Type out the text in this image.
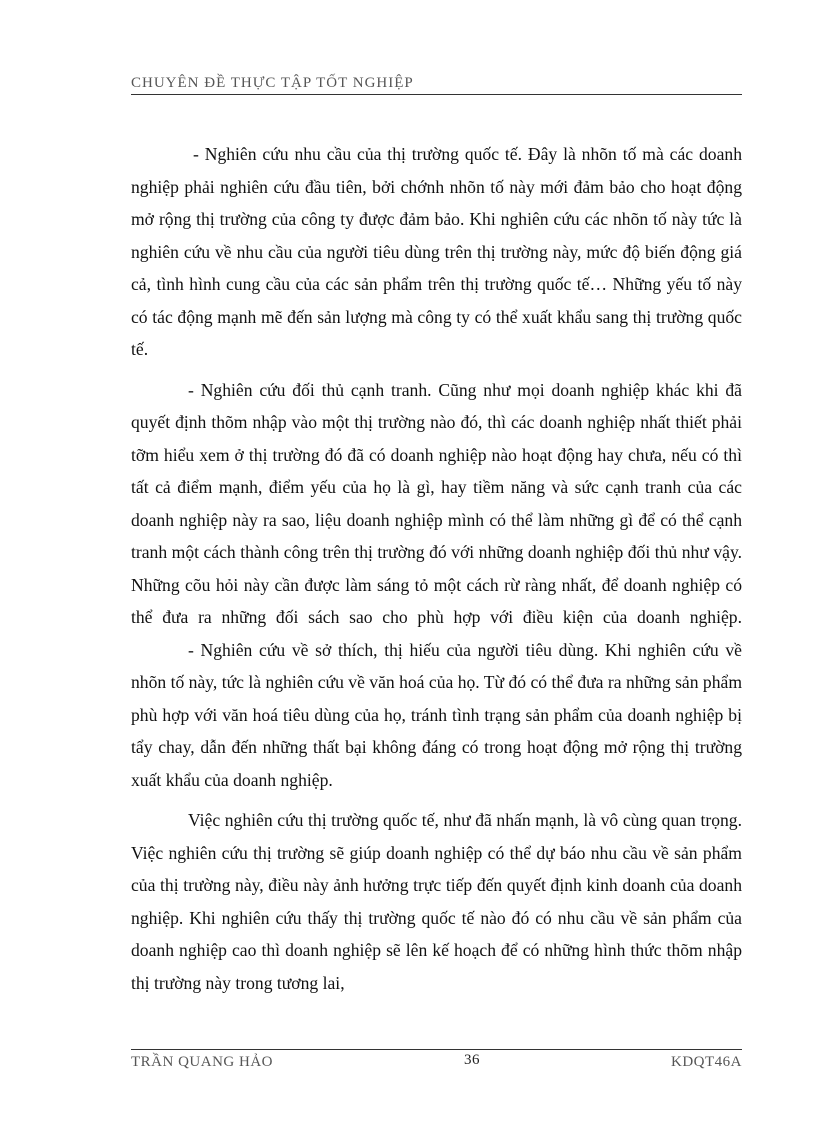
CHUYÊN ĐỀ THỰC TẬP TỐT NGHIỆP

- Nghiên cứu nhu cầu của thị trường quốc tế. Đây là nhõn tố mà các doanh nghiệp phải nghiên cứu đầu tiên, bởi chớnh nhõn tố này mới đảm bảo cho hoạt động mở rộng thị trường của công ty được đảm bảo. Khi nghiên cứu các nhõn tố này tức là nghiên cứu về nhu cầu của người tiêu dùng trên thị trường này, mức độ biến động giá cả, tình hình cung cầu của các sản phẩm trên thị trường quốc tế… Những yếu tố này có tác động mạnh mẽ đến sản lượng mà công ty có thể xuất khẩu sang thị trường quốc tế.

- Nghiên cứu đối thủ cạnh tranh. Cũng như mọi doanh nghiệp khác khi đã quyết định thõm nhập vào một thị trường nào đó, thì các doanh nghiệp nhất thiết phải tỡm hiểu xem ở thị trường đó đã có doanh nghiệp nào hoạt động hay chưa, nếu có thì tất cả điểm mạnh, điểm yếu của họ là gì, hay tiềm năng và sức cạnh tranh của các doanh nghiệp này ra sao, liệu doanh nghiệp mình có thể làm những gì để có thể cạnh tranh một cách thành công trên thị trường đó với những doanh nghiệp đối thủ như vậy. Những cõu hỏi này cần được làm sáng tỏ một cách rừ ràng nhất, để doanh nghiệp có thể đưa ra những đối sách sao cho phù hợp với điều kiện của doanh nghiệp.

- Nghiên cứu về sở thích, thị hiếu của người tiêu dùng. Khi nghiên cứu về nhõn tố này, tức là nghiên cứu về văn hoá của họ. Từ đó có thể đưa ra những sản phẩm phù hợp với văn hoá tiêu dùng của họ, tránh tình trạng sản phẩm của doanh nghiệp bị tẩy chay, dẫn đến những thất bại không đáng có trong hoạt động mở rộng thị trường xuất khẩu của doanh nghiệp.

Việc nghiên cứu thị trường quốc tế, như đã nhấn mạnh, là vô cùng quan trọng. Việc nghiên cứu thị trường sẽ giúp doanh nghiệp có thể dự báo nhu cầu về sản phẩm của thị trường này, điều này ảnh hưởng trực tiếp đến quyết định kinh doanh của doanh nghiệp. Khi nghiên cứu thấy thị trường quốc tế nào đó có nhu cầu về sản phẩm của doanh nghiệp cao thì doanh nghiệp sẽ lên kế hoạch để có những hình thức thõm nhập thị trường này trong tương lai,

TRẦN QUANG HẢO	36	KDQT46A
